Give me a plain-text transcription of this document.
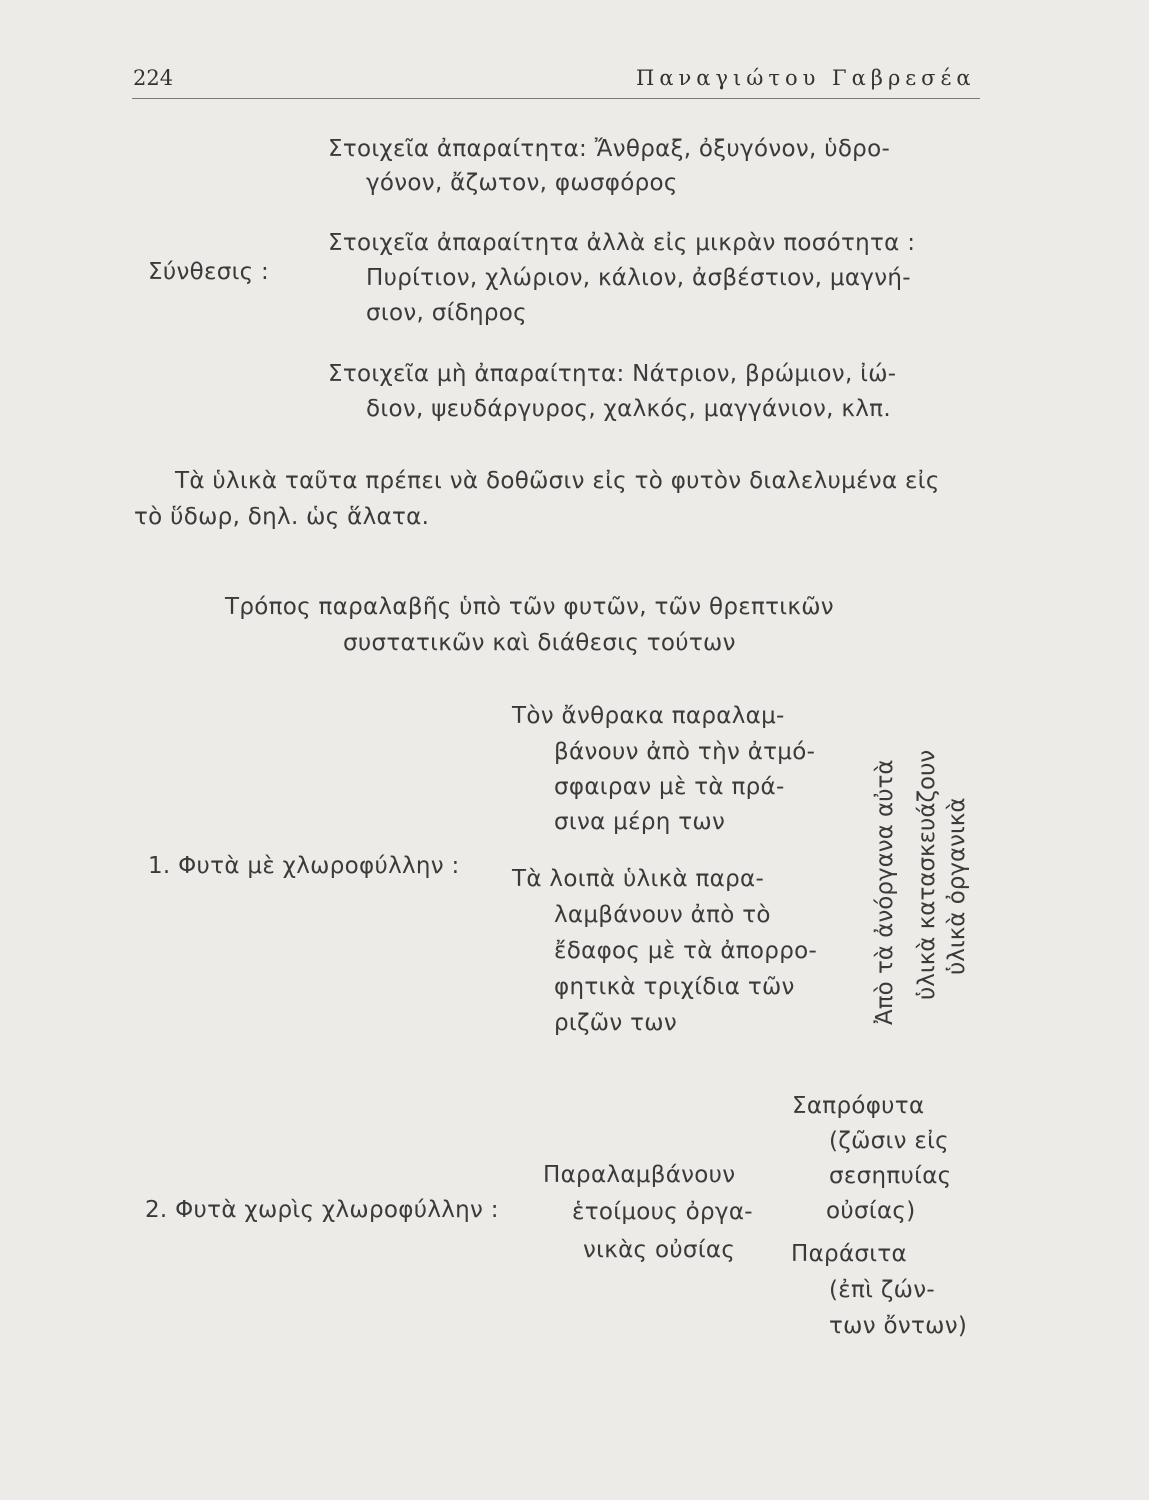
224	Παναγιώτου Γαβρεσέα
Σύνθεσις :
Στοιχεῖα ἀπαραίτητα: Ἄνθραξ, ὀξυγόνον, ὑδρο-
γόνον, ἄζωτον, φωσφόρος
Στοιχεῖα ἀπαραίτητα ἀλλὰ εἰς μικρὰν ποσότητα :
Πυρίτιον, χλώριον, κάλιον, ἀσβέστιον, μαγνή-
σιον, σίδηρος
Στοιχεῖα μὴ ἀπαραίτητα: Νάτριον, βρώμιον, ἰώ-
διον, ψευδάργυρος, χαλκός, μαγγάνιον, κλπ.
Τὰ ὑλικὰ ταῦτα πρέπει νὰ δοθῶσιν εἰς τὸ φυτὸν διαλελυμένα εἰς
τὸ ὕδωρ, δηλ. ὡς ἅλατα.
Τρόπος παραλαβῆς ὑπὸ τῶν φυτῶν, τῶν θρεπτικῶν
συστατικῶν καὶ διάθεσις τούτων
1. Φυτὰ μὲ χλωροφύλλην :
Τὸν ἄνθρακα παραλαμ-
βάνουν ἀπὸ τὴν ἀτμό-
σφαιραν μὲ τὰ πρά-
σινα μέρη των
Τὰ λοιπὰ ὑλικὰ παρα-
λαμβάνουν ἀπὸ τὸ
ἔδαφος μὲ τὰ ἀπορρο-
φητικὰ τριχίδια τῶν
ριζῶν των	Ἀπὸ τὰ ἀνόργανα αὐτὰ ὑλικὰ κατασκευάζουν ὑλικὰ ὀργανικὰ
2. Φυτὰ χωρὶς χλωροφύλλην :
Παραλαμβάνουν
ἑτοίμους ὀργα-
νικὰς οὐσίας
Σαπρόφυτα
(ζῶσιν εἰς
σεσηπυίας
οὐσίας)
Παράσιτα
(ἐπὶ ζών-
των ὄντων)
